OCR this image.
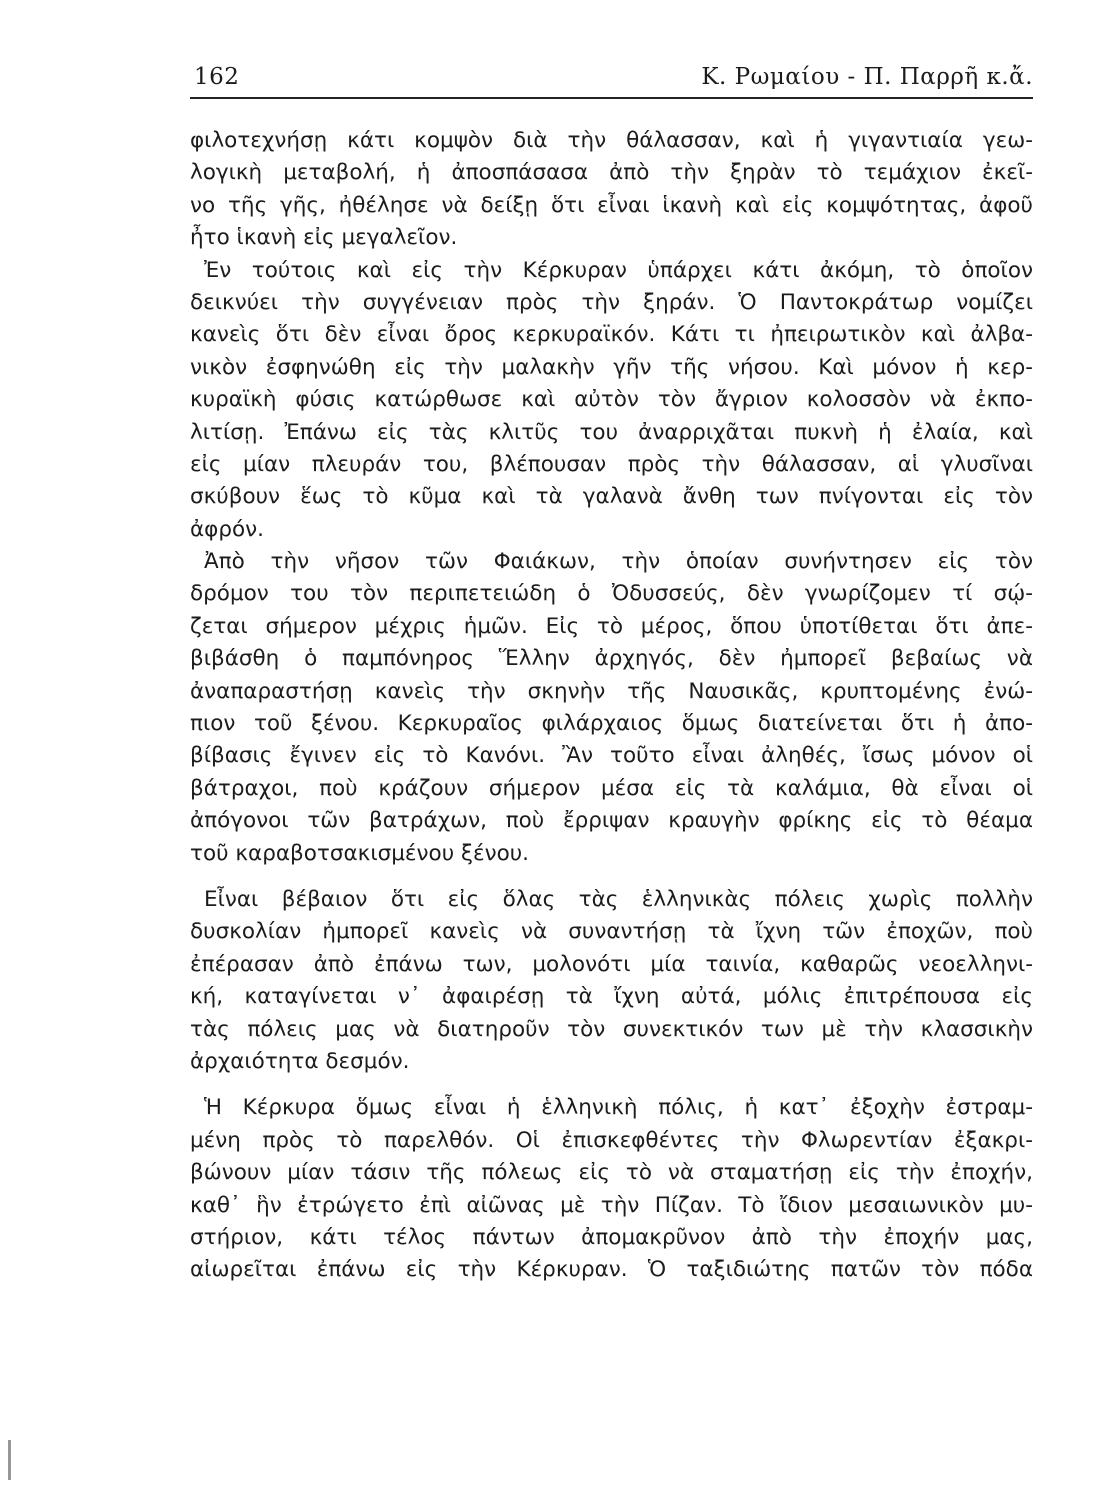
162	Κ. Ρωμαίου - Π. Παρρῆ κ.ἄ.
φιλοτεχνήσῃ κάτι κομψὸν διὰ τὴν θάλασσαν, καὶ ἡ γιγαντιαία γεω-
λογικὴ μεταβολή, ἡ ἀποσπάσασα ἀπὸ τὴν ξηρὰν τὸ τεμάχιον ἐκεῖ-
νο τῆς γῆς, ἠθέλησε νὰ δείξῃ ὅτι εἶναι ἱκανὴ καὶ εἰς κομψότητας, ἀφοῦ
ἦτο ἱκανὴ εἰς μεγαλεῖον.
Ἐν τούτοις καὶ εἰς τὴν Κέρκυραν ὑπάρχει κάτι ἀκόμη, τὸ ὁποῖον
δεικνύει τὴν συγγένειαν πρὸς τὴν ξηράν. Ὁ Παντοκράτωρ νομίζει
κανεὶς ὅτι δὲν εἶναι ὄρος κερκυραϊκόν. Κάτι τι ἠπειρωτικὸν καὶ ἀλβα-
νικὸν ἐσφηνώθη εἰς τὴν μαλακὴν γῆν τῆς νήσου. Καὶ μόνον ἡ κερ-
κυραϊκὴ φύσις κατώρθωσε καὶ αὐτὸν τὸν ἄγριον κολοσσὸν νὰ ἐκπο-
λιτίσῃ. Ἐπάνω εἰς τὰς κλιτῦς του ἀναρριχᾶται πυκνὴ ἡ ἐλαία, καὶ
εἰς μίαν πλευράν του, βλέπουσαν πρὸς τὴν θάλασσαν, αἱ γλυσῖναι
σκύβουν ἕως τὸ κῦμα καὶ τὰ γαλανὰ ἄνθη των πνίγονται εἰς τὸν
ἀφρόν.
Ἀπὸ τὴν νῆσον τῶν Φαιάκων, τὴν ὁποίαν συνήντησεν εἰς τὸν
δρόμον του τὸν περιπετειώδη ὁ Ὀδυσσεύς, δὲν γνωρίζομεν τί σῴ-
ζεται σήμερον μέχρις ἡμῶν. Εἰς τὸ μέρος, ὅπου ὑποτίθεται ὅτι ἀπε-
βιβάσθη ὁ παμπόνηρος Ἕλλην ἀρχηγός, δὲν ἠμπορεῖ βεβαίως νὰ
ἀναπαραστήσῃ κανεὶς τὴν σκηνὴν τῆς Ναυσικᾶς, κρυπτομένης ἐνώ-
πιον τοῦ ξένου. Κερκυραῖος φιλάρχαιος ὅμως διατείνεται ὅτι ἡ ἀπο-
βίβασις ἔγινεν εἰς τὸ Κανόνι. Ἂν τοῦτο εἶναι ἀληθές, ἴσως μόνον οἱ
βάτραχοι, ποὺ κράζουν σήμερον μέσα εἰς τὰ καλάμια, θὰ εἶναι οἱ
ἀπόγονοι τῶν βατράχων, ποὺ ἔρριψαν κραυγὴν φρίκης εἰς τὸ θέαμα
τοῦ καραβοτσακισμένου ξένου.
Εἶναι βέβαιον ὅτι εἰς ὅλας τὰς ἑλληνικὰς πόλεις χωρὶς πολλὴν
δυσκολίαν ἠμπορεῖ κανεὶς νὰ συναντήσῃ τὰ ἴχνη τῶν ἐποχῶν, ποὺ
ἐπέρασαν ἀπὸ ἐπάνω των, μολονότι μία ταινία, καθαρῶς νεοελληνι-
κή, καταγίνεται ν᾽ ἀφαιρέσῃ τὰ ἴχνη αὐτά, μόλις ἐπιτρέπουσα εἰς
τὰς πόλεις μας νὰ διατηροῦν τὸν συνεκτικόν των μὲ τὴν κλασσικὴν
ἀρχαιότητα δεσμόν.
Ἡ Κέρκυρα ὅμως εἶναι ἡ ἑλληνικὴ πόλις, ἡ κατ᾽ ἐξοχὴν ἐστραμ-
μένη πρὸς τὸ παρελθόν. Οἱ ἐπισκεφθέντες τὴν Φλωρεντίαν ἐξακρι-
βώνουν μίαν τάσιν τῆς πόλεως εἰς τὸ νὰ σταματήσῃ εἰς τὴν ἐποχήν,
καθ᾽ ἣν ἐτρώγετο ἐπὶ αἰῶνας μὲ τὴν Πίζαν. Τὸ ἴδιον μεσαιωνικὸν μυ-
στήριον, κάτι τέλος πάντων ἀπομακρῦνον ἀπὸ τὴν ἐποχήν μας,
αἰωρεῖται ἐπάνω εἰς τὴν Κέρκυραν. Ὁ ταξιδιώτης πατῶν τὸν πόδα
